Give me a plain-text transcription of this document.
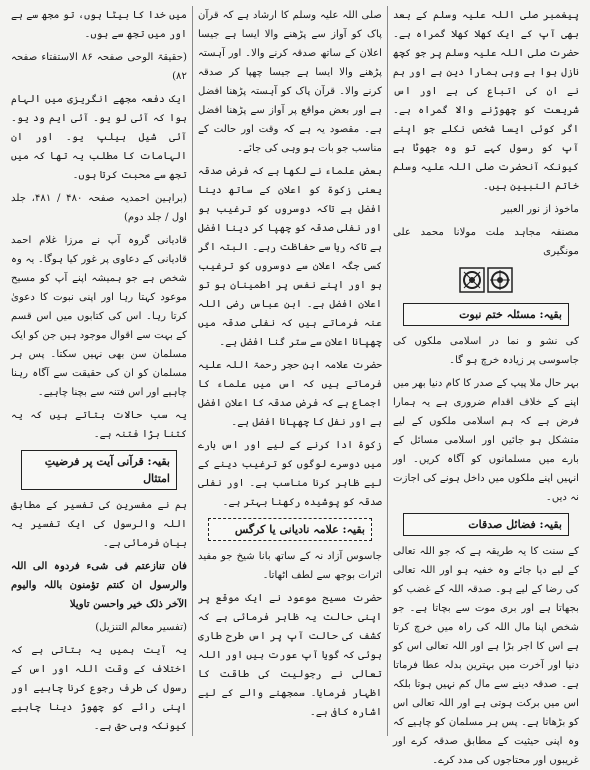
پیغمبر صلی اللہ علیہ وسلم کے بعد بھی آپ کے ایک کھلا کھلا گمراہ ہے۔ حضرت صلی اللہ علیہ وسلم پر جو کچھ نازل ہوا ہے وہی ہمارا دین ہے اور ہم نے ان کی اتباع کی ہے اور اس شریعت کو چھوڑنے والا گمراہ ہے۔ اگر کوئی ایسا شخص نکلے جو اپنے آپ کو رسول کہے تو وہ جھوٹا ہے کیونکہ آنحضرت صلی اللہ علیہ وسلم خاتم النبیین ہیں۔

ماخوذ از نور العبیر

مصنفہ مجاہد ملت مولانا محمد علی مونگیری

بقیہ: مسئلہ ختم نبوت

کی نشو و نما در اسلامی ملکوں کی جاسوسی پر زیادہ خرچ ہو گا۔

بہر حال ملا پیپ کے صدر کا کام دنیا بھر میں اپنے کے خلاف اقدام ضروری ہے یہ ہمارا فرض ہے کہ ہم اسلامی ملکوں کے لیے متشکل ہو جائیں اور اسلامی مسائل کے بارے میں مسلمانوں کو آگاہ کریں۔ اور انہیں اپنے ملکوں میں داخل ہونے کی اجازت نہ دیں۔

بقیہ: فضائل صدقات

کے سنت کا یہ طریقہ ہے کہ جو اللہ تعالی کے لیے دیا جائے وہ خفیہ ہو اور اللہ تعالی کی رضا کے لیے ہو۔ صدقہ اللہ کے غضب کو بجھاتا ہے اور بری موت سے بچاتا ہے۔ جو شخص اپنا مال اللہ کی راہ میں خرچ کرتا ہے اس کا اجر بڑا ہے اور اللہ تعالی اس کو دنیا اور آخرت میں بہترین بدلہ عطا فرماتا ہے۔ صدقہ دینے سے مال کم نہیں ہوتا بلکہ اس میں برکت ہوتی ہے اور اللہ تعالی اس کو بڑھاتا ہے۔ پس ہر مسلمان کو چاہیے کہ وہ اپنی حیثیت کے مطابق صدقہ کرے اور غریبوں اور محتاجوں کی مدد کرے۔

صلی اللہ علیہ وسلم کا ارشاد ہے کہ قرآن پاک کو آواز سے پڑھنے والا ایسا ہے جیسا اعلان کے ساتھ صدقہ کرنے والا۔ اور آہستہ پڑھنے والا ایسا ہے جیسا چھپا کر صدقہ کرنے والا۔ قرآن پاک کو آہستہ پڑھنا افضل ہے اور بعض مواقع پر آواز سے پڑھنا افضل ہے۔ مقصود یہ ہے کہ وقت اور حالت کے مناسب جو بات ہو وہی کی جائے۔

بعض علماء نے لکھا ہے کہ فرض صدقہ یعنی زکوۃ کو اعلان کے ساتھ دینا افضل ہے تاکہ دوسروں کو ترغیب ہو اور نفلی صدقہ کو چھپا کر دینا افضل ہے تاکہ ریا سے حفاظت رہے۔ البتہ اگر کسی جگہ اعلان سے دوسروں کو ترغیب ہو اور اپنے نفس پر اطمینان ہو تو اعلان افضل ہے۔ ابن عباس رضی اللہ عنہ فرماتے ہیں کہ نفلی صدقہ میں چھپانا اعلان سے ستر گنا افضل ہے۔

حضرت علامہ ابن حجر رحمۃ اللہ علیہ فرماتے ہیں کہ اس میں علماء کا اجماع ہے کہ فرض صدقہ کا اعلان افضل ہے اور نفل کا چھپانا افضل ہے۔

زکوۃ ادا کرنے کے لیے اور اس بارے میں دوسرے لوگوں کو ترغیب دینے کے لیے ظاہر کرنا مناسب ہے۔ اور نفلی صدقہ کو پوشیدہ رکھنا بہتر ہے۔

بقیہ: علامہ نادیانی یا کرگس

جاسوس آزاد نہ کے ساتھ بانا شیخ جو مفید اثرات بوجھ سے لطف اٹھاتا۔

حضرت مسیح موعود نے ایک موقع پر اپنی حالت یہ ظاہر فرمائی ہے کہ کشف کی حالت آپ پر اس طرح طاری ہوئی کہ گویا آپ عورت ہیں اور اللہ تعالی نے رجولیت کی طاقت کا اظہار فرمایا۔ سمجھنے والے کے لیے اشارہ کافی ہے۔

میں خدا کا بیٹا ہوں، تو مجھ سے ہے اور میں تجھ سے ہوں۔

(حقیقۃ الوحی صفحہ ۸۶ الاستفتاء صفحہ ۸۲)

ایک دفعہ مجھے انگریزی میں الہام ہوا کہ آئی لو یو۔ آئی ایم ود یو۔ آئی شیل ہیلپ یو۔ اور ان الہامات کا مطلب یہ تھا کہ میں تجھ سے محبت کرتا ہوں۔

(براہین احمدیہ صفحہ ۴۸۰ / ۴۸۱، جلد اول / جلد دوم)

قادیانی گروہ آپ نے مرزا غلام احمد قادیانی کے دعاوی پر غور کیا ہوگا۔ یہ وہ شخص ہے جو ہمیشہ اپنے آپ کو مسیح موعود کہتا رہا اور اپنی نبوت کا دعویٰ کرتا رہا۔ اس کی کتابوں میں اس قسم کے بہت سے اقوال موجود ہیں جن کو ایک مسلمان سن بھی نہیں سکتا۔ پس ہر مسلمان کو ان کی حقیقت سے آگاہ رہنا چاہیے اور اس فتنہ سے بچنا چاہیے۔

یہ سب حالات بتاتے ہیں کہ یہ کتنا بڑا فتنہ ہے۔

بقیہ: قرآنی آیت پر فرضیتِ امتثال

ہم نے مفسرین کی تفسیر کے مطابق اللہ والرسول کی ایک تفسیر یہ بیان فرمائی ہے۔

فان تنازعتم فی شیء فردوہ الی اللہ والرسول ان کنتم تؤمنون باللہ والیوم الآخر ذلک خیر واحسن تاویلا

(تفسیر معالم التنزیل)

یہ آیت ہمیں یہ بتاتی ہے کہ اختلاف کے وقت اللہ اور اس کے رسول کی طرف رجوع کرنا چاہیے اور اپنی رائے کو چھوڑ دینا چاہیے کیونکہ وہی حق ہے۔
